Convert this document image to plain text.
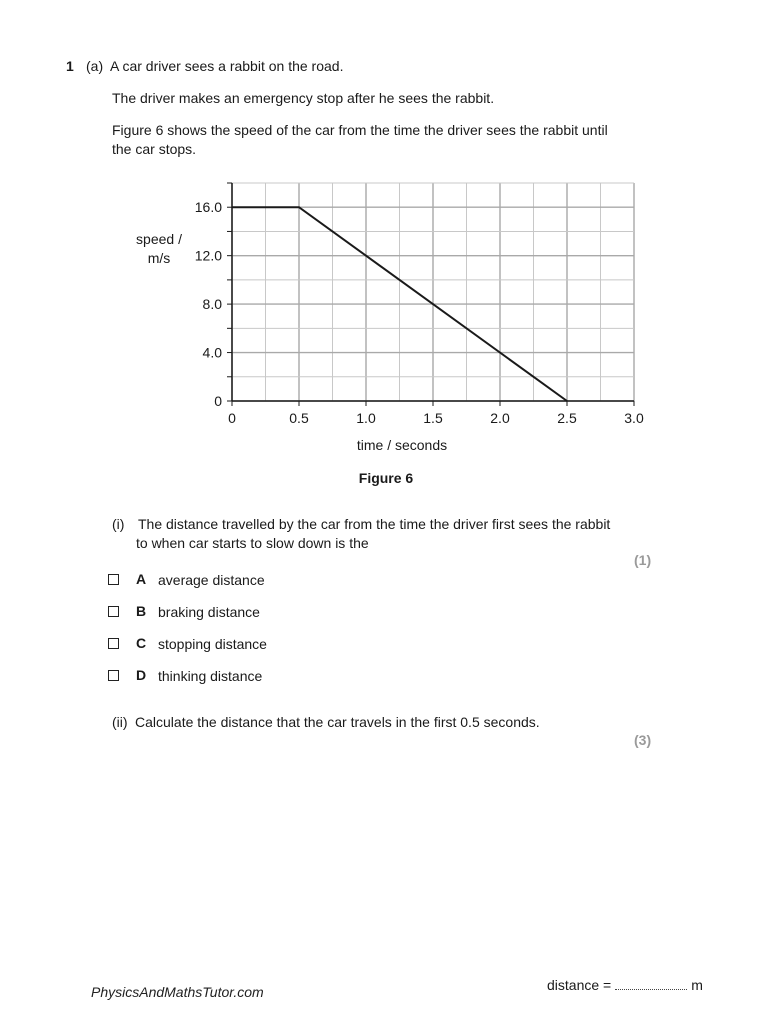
1 (a) A car driver sees a rabbit on the road.
The driver makes an emergency stop after he sees the rabbit.
Figure 6 shows the speed of the car from the time the driver sees the rabbit until
the car stops.
0	0.5	1.0	1.5	2.0	2.5	3.0
0
4.0
8.0
12.0
16.0
speed /
m/s
time / seconds
Figure 6
(i) The distance travelled by the car from the time the driver first sees the rabbit
to when car starts to slow down is the
(1)
A average distance
B braking distance
C stopping distance
D thinking distance
(ii) Calculate the distance that the car travels in the first 0.5 seconds.
(3)
distance =	m
PhysicsAndMathsTutor.com
